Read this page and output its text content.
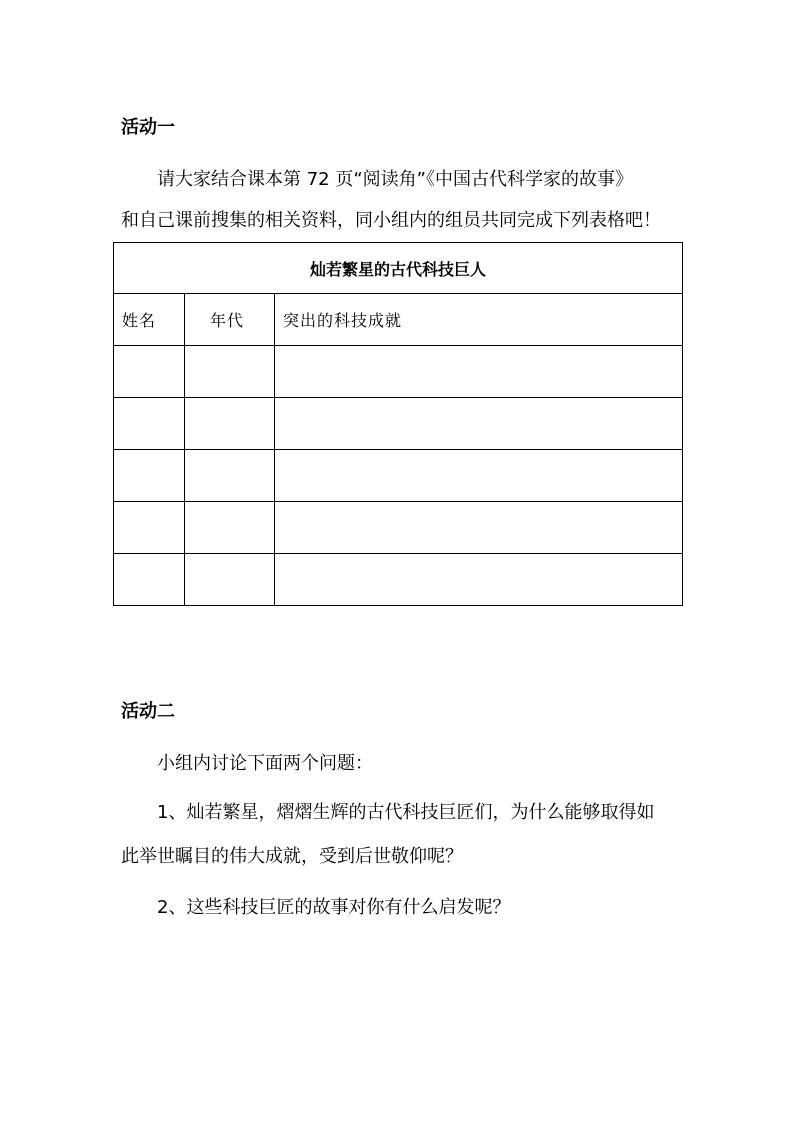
活动一
请大家结合课本第 72 页“阅读角”《中国古代科学家的故事》
和自己课前搜集的相关资料，同小组内的组员共同完成下列表格吧！
灿若繁星的古代科技巨人		
姓名	年代	突出的科技成就

活动二
小组内讨论下面两个问题：
1、灿若繁星，熠熠生辉的古代科技巨匠们，为什么能够取得如
此举世瞩目的伟大成就，受到后世敬仰呢？
2、这些科技巨匠的故事对你有什么启发呢？
